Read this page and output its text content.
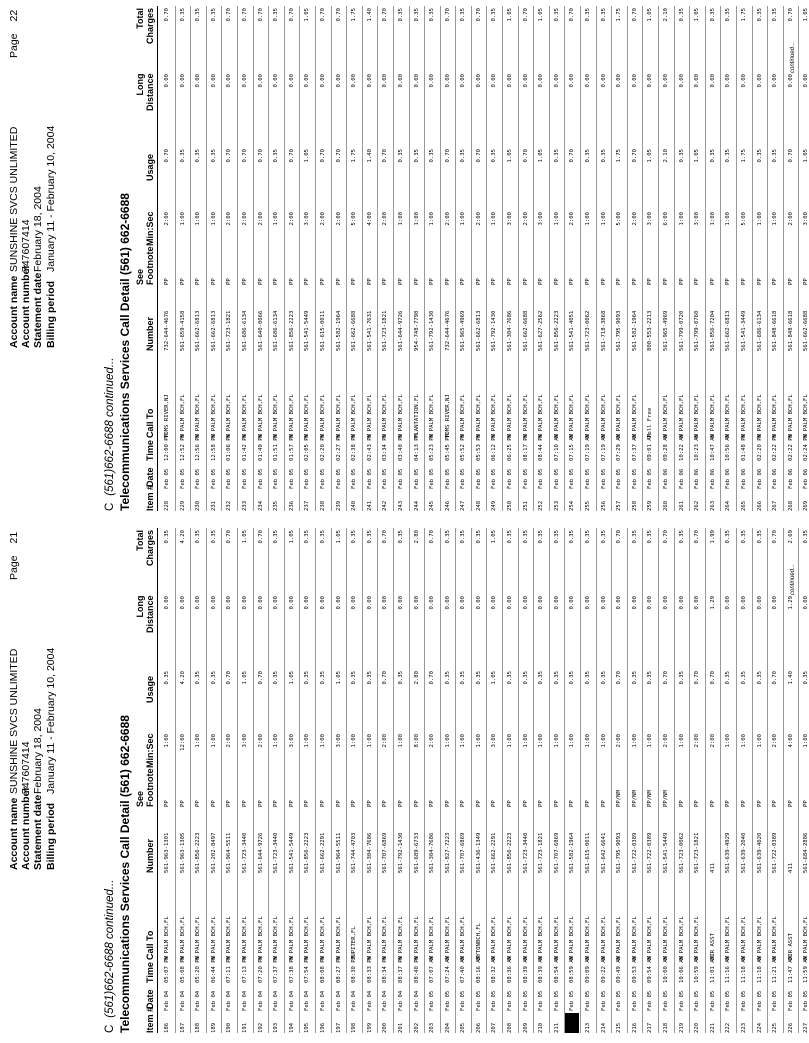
Account name
SUNSHINE SVCS UNLIMITED
Account number
747607414
Statement date
February 18, 2004
Billing period
January 11 - February 10, 2004
Page21
C(561)662-6688 continued... Telecommunications Services Call Detail (561) 662-6688 Item #
Date
Time
Call To
Number
See
Footnote
Min:Sec
Usage
Long
Distance
Total
Charges
186
Feb 04
05:07 PM
W PALM BCH,FL
561-963-1301
PP
1:00
0.35
0.00
0.35
187
Feb 04
05:08 PM
W PALM BCH,FL
561-963-1305
PP
12:00
4.20
0.00
4.20
188
Feb 04
05:20 PM
W PALM BCH,FL
561-856-2223
PP
1:00
0.35
0.00
0.35
189
Feb 04
06:44 PM
W PALM BCH,FL
561-202-8497
PP
1:00
0.35
0.00
0.35
190
Feb 04
07:11 PM
W PALM BCH,FL
561-964-5511
PP
2:00
0.70
0.00
0.70
191
Feb 04
07:13 PM
W PALM BCH,FL
561-723-3440
PP
3:00
1.05
0.00
1.05
192
Feb 04
07:20 PM
W PALM BCH,FL
561-644-9726
PP
2:00
0.70
0.00
0.70
193
Feb 04
07:37 PM
W PALM BCH,FL
561-723-3440
PP
1:00
0.35
0.00
0.35
194
Feb 04
07:38 PM
W PALM BCH,FL
561-541-5449
PP
3:00
1.05
0.00
1.05
195
Feb 04
07:54 PM
W PALM BCH,FL
561-856-2223
PP
1:00
0.35
0.00
0.35
196
Feb 04
08:08 PM
W PALM BCH,FL
561-662-2291
PP
1:00
0.35
0.00
0.35
197
Feb 04
08:27 PM
W PALM BCH,FL
561-964-5511
PP
3:00
1.05
0.00
1.05
198
Feb 04
08:30 PM
JUPITER,FL
561-744-4703
PP
1:00
0.35
0.00
0.35
199
Feb 04
08:33 PM
W PALM BCH,FL
561-304-7686
PP
1:00
0.35
0.00
0.35
200
Feb 04
08:34 PM
W PALM BCH,FL
561-707-6869
PP
2:00
0.70
0.00
0.70
201
Feb 04
08:37 PM
W PALM BCH,FL
561-792-1430
PP
1:00
0.35
0.00
0.35
202
Feb 04
08:40 PM
W PALM BCH,FL
561-689-6733
PP
8:00
2.80
0.00
2.80
203
Feb 05
07:07 AM
W PALM BCH,FL
561-304-7686
PP
2:00
0.70
0.00
0.70
204
Feb 05
07:24 AM
W PALM BCH,FL
561-827-7223
PP
1:00
0.35
0.00
0.35
205
Feb 05
07:40 AM
W PALM BCH,FL
561-707-6869
PP
1:00
0.35
0.00
0.35
206
Feb 05
08:16 AM
BYTONBCH,FL
561-436-1349
PP
1:00
0.35
0.00
0.35
207
Feb 05
08:32 AM
W PALM BCH,FL
561-662-2291
PP
3:00
1.05
0.00
1.05
208
Feb 05
08:36 AM
W PALM BCH,FL
561-856-2223
PP
1:00
0.35
0.00
0.35
209
Feb 05
08:39 AM
W PALM BCH,FL
561-723-3440
PP
1:00
0.35
0.00
0.35
210
Feb 05
08:39 AM
W PALM BCH,FL
561-723-1821
PP
1:00
0.35
0.00
0.35
211
Feb 05
08:54 AM
W PALM BCH,FL
561-707-6869
PP
1:00
0.35
0.00
0.35
212
Feb 05
08:59 AM
W PALM BCH,FL
561-582-1964
PP
1:00
0.35
0.00
0.35
213
Feb 05
09:09 AM
W PALM BCH,FL
561-615-0011
PP
1:00
0.35
0.00
0.35
214
Feb 05
09:22 AM
W PALM BCH,FL
561-642-6641
PP
1:00
0.35
0.00
0.35
215
Feb 05
09:49 AM
W PALM BCH,FL
561-795-9093
PP/NM
2:00
0.70
0.00
0.70
216
Feb 05
09:53 AM
W PALM BCH,FL
561-722-0389
PP/NM
1:00
0.35
0.00
0.35
217
Feb 05
09:54 AM
W PALM BCH,FL
561-722-0389
PP/NM
1:00
0.35
0.00
0.35
218
Feb 05
10:00 AM
W PALM BCH,FL
561-541-5449
PP/NM
2:00
0.70
0.00
0.70
219
Feb 05
10:06 AM
W PALM BCH,FL
561-723-0062
PP
1:00
0.35
0.00
0.35
220
Feb 05
10:59 AM
W PALM BCH,FL
561-723-1821
PP
2:00
0.70
0.00
0.70
221
Feb 05
11:01 AM
DIR ASST
411
PP
2:00
0.70
1.29
1.99
222
Feb 05
11:16 AM
W PALM BCH,FL
561-639-4929
PP
1:00
0.35
0.00
0.35
223
Feb 05
11:18 AM
W PALM BCH,FL
561-639-2040
PP
1:00
0.35
0.00
0.35
224
Feb 05
11:18 AM
W PALM BCH,FL
561-639-4020
PP
1:00
0.35
0.00
0.35
225
Feb 05
11:21 AM
W PALM BCH,FL
561-722-0389
PP
2:00
0.70
0.00
0.70
226
Feb 05
11:47 AM
DIR ASST
411
PP
4:00
1.40
1.29
2.69
227
Feb 05
11:59 AM
W PALM BCH,FL
561-684-2886
PP
1:00
0.35
0.00
0.35
continued...
Account name
SUNSHINE SVCS UNLIMITED
Account number
747607414
Statement date
February 18, 2004
Billing period
January 11 - February 10, 2004
Page22
C(561)662-6688 continued... Telecommunications Services Call Detail (561) 662-6688 Item #
Date
Time
Call To
Number
See
Footnote
Min:Sec
Usage
Long
Distance
Total
Charges
228
Feb 05
12:00 PM
TOMS RIVER,NJ
732-644-4676
PP
2:00
0.70
0.00
0.70
229
Feb 05
12:52 PM
W PALM BCH,FL
561-659-4158
PP
1:00
0.35
0.00
0.35
230
Feb 05
12:56 PM
W PALM BCH,FL
561-662-6813
PP
1:00
0.35
0.00
0.35
231
Feb 05
12:58 PM
W PALM BCH,FL
561-662-6813
PP
1:00
0.35
0.00
0.35
232
Feb 05
01:06 PM
W PALM BCH,FL
561-723-1821
PP
2:00
0.70
0.00
0.70
233
Feb 05
01:42 PM
W PALM BCH,FL
561-686-6134
PP
2:00
0.70
0.00
0.70
234
Feb 05
01:49 PM
W PALM BCH,FL
561-640-0066
PP
2:00
0.70
0.00
0.70
235
Feb 05
01:51 PM
W PALM BCH,FL
561-686-6134
PP
1:00
0.35
0.00
0.35
236
Feb 05
01:57 PM
W PALM BCH,FL
561-856-2223
PP
2:00
0.70
0.00
0.70
237
Feb 05
02:05 PM
W PALM BCH,FL
561-541-5449
PP
3:00
1.05
0.00
1.05
238
Feb 05
02:20 PM
W PALM BCH,FL
561-615-0011
PP
2:00
0.70
0.00
0.70
239
Feb 05
02:27 PM
W PALM BCH,FL
561-582-1964
PP
2:00
0.70
0.00
0.70
240
Feb 05
02:38 PM
W PALM BCH,FL
561-662-6688
PP
5:00
1.75
0.00
1.75
241
Feb 05
02:43 PM
W PALM BCH,FL
561-541-7631
PP
4:00
1.40
0.00
1.40
242
Feb 05
03:34 PM
W PALM BCH,FL
561-723-1821
PP
2:00
0.70
0.00
0.70
243
Feb 05
03:40 PM
W PALM BCH,FL
561-644-9726
PP
1:00
0.35
0.00
0.35
244
Feb 05
04:13 PM
PLANTATION,FL
954-748-7798
PP
1:00
0.35
0.00
0.35
245
Feb 05
05:23 PM
W PALM BCH,FL
561-792-1430
PP
1:00
0.35
0.00
0.35
246
Feb 05
05:45 PM
TOMS RIVER,NJ
732-644-4676
PP
2:00
0.70
0.00
0.70
247
Feb 05
05:52 PM
W PALM BCH,FL
561-965-4969
PP
1:00
0.35
0.00
0.35
248
Feb 05
05:53 PM
W PALM BCH,FL
561-662-6813
PP
2:00
0.70
0.00
0.70
249
Feb 05
06:12 PM
W PALM BCH,FL
561-792-1430
PP
1:00
0.35
0.00
0.35
250
Feb 05
06:25 PM
W PALM BCH,FL
561-304-7686
PP
3:00
1.05
0.00
1.05
251
Feb 05
08:17 PM
W PALM BCH,FL
561-662-6688
PP
2:00
0.70
0.00
0.70
252
Feb 05
08:44 PM
W PALM BCH,FL
561-627-2562
PP
3:00
1.05
0.00
1.05
253
Feb 05
07:10 AM
W PALM BCH,FL
561-856-2223
PP
1:00
0.35
0.00
0.35
254
Feb 05
07:15 AM
W PALM BCH,FL
561-541-4051
PP
2:00
0.70
0.00
0.70
255
Feb 05
07:19 AM
W PALM BCH,FL
561-723-0062
PP
1:00
0.35
0.00
0.35
256
Feb 05
07:19 AM
W PALM BCH,FL
561-718-3868
PP
1:00
0.35
0.00
0.35
257
Feb 05
07:29 AM
W PALM BCH,FL
561-795-9093
PP
5:00
1.75
0.00
1.75
258
Feb 05
07:37 AM
W PALM BCH,FL
561-582-1964
PP
2:00
0.70
0.00
0.70
259
Feb 05
09:01 AM
Toll Free
800-553-2213
PP
3:00
1.05
0.00
1.05
260
Feb 06
09:28 AM
W PALM BCH,FL
561-965-4969
PP
6:00
2.10
0.00
2.10
261
Feb 06
10:22 AM
W PALM BCH,FL
561-799-0720
PP
1:00
0.35
0.00
0.35
262
Feb 06
10:23 AM
W PALM BCH,FL
561-799-0760
PP
3:00
1.05
0.00
1.05
263
Feb 06
10:47 AM
W PALM BCH,FL
561-856-7204
PP
1:00
0.35
0.00
0.35
264
Feb 06
10:56 AM
W PALM BCH,FL
561-662-6813
PP
1:00
0.35
0.00
0.35
265
Feb 06
01:48 PM
W PALM BCH,FL
561-541-3449
PP
5:00
1.75
0.00
1.75
266
Feb 06
02:20 PM
W PALM BCH,FL
561-686-6134
PP
1:00
0.35
0.00
0.35
267
Feb 06
02:22 PM
W PALM BCH,FL
561-848-6618
PP
1:00
0.35
0.00
0.35
268
Feb 06
02:22 PM
W PALM BCH,FL
561-848-6618
PP
2:00
0.70
0.00
0.70
269
Feb 06
02:24 PM
W PALM BCH,FL
561-662-6688
PP
3:00
1.05
0.00
1.05
continued...
